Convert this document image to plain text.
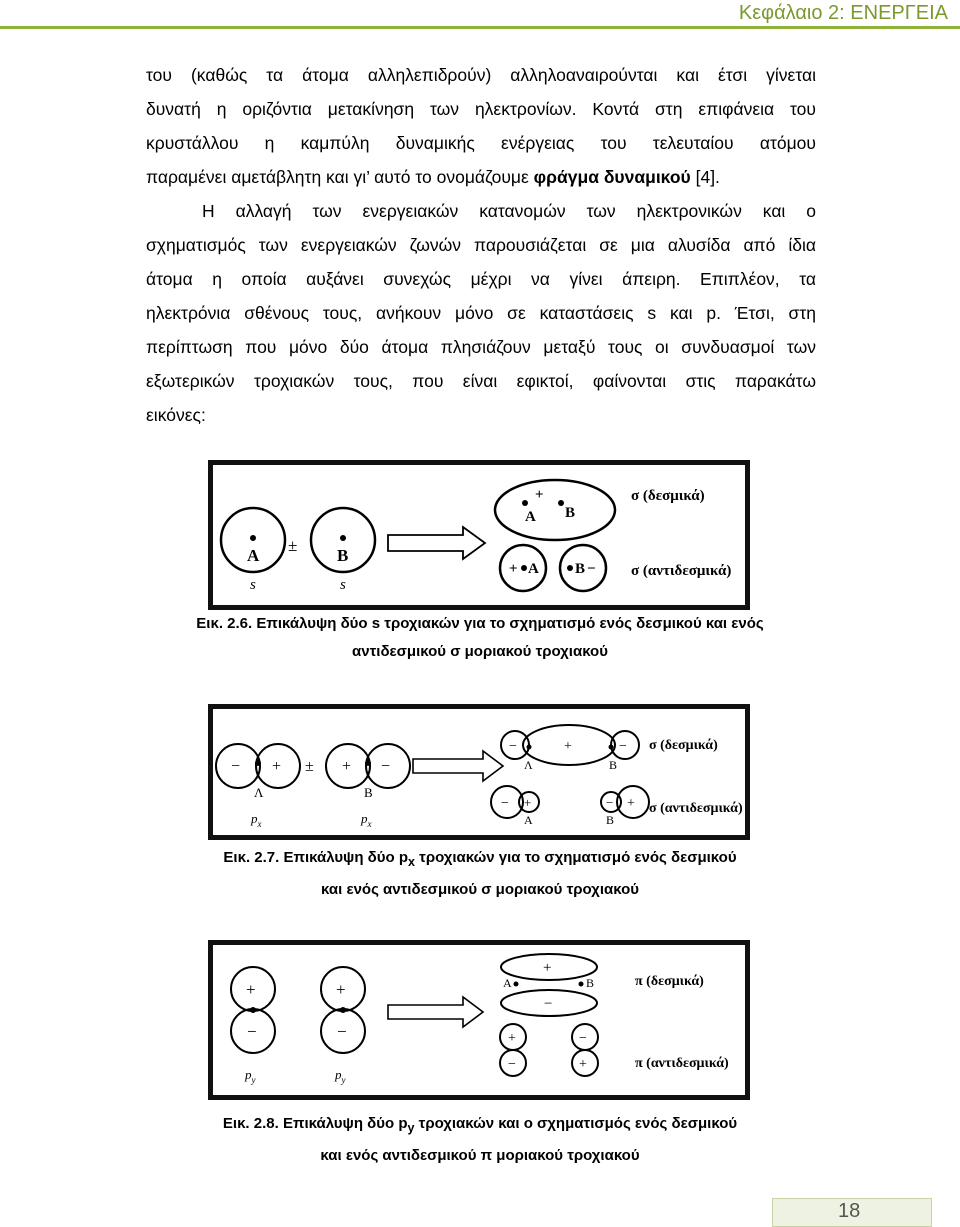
Κεφάλαιο 2: ΕΝΕΡΓΕΙΑ
του (καθώς τα άτομα αλληλεπιδρούν) αλληλοαναιρούνται και έτσι γίνεται
δυνατή η οριζόντια μετακίνηση των ηλεκτρονίων. Κοντά στη επιφάνεια του
κρυστάλλου η καμπύλη δυναμικής ενέργειας του τελευταίου ατόμου
παραμένει αμετάβλητη και γι’ αυτό το ονομάζουμε φράγμα δυναμικού [4].
Η αλλαγή των ενεργειακών κατανομών των ηλεκτρονικών και ο
σχηματισμός των ενεργειακών ζωνών παρουσιάζεται σε μια αλυσίδα από ίδια
άτομα η οποία αυξάνει συνεχώς μέχρι να γίνει άπειρη. Επιπλέον, τα
ηλεκτρόνια σθένους τους, ανήκουν μόνο σε καταστάσεις s και p. Έτσι, στη
περίπτωση που μόνο δύο άτομα πλησιάζουν μεταξύ τους οι συνδυασμοί των
εξωτερικών τροχιακών τους, που είναι εφικτοί, φαίνονται στις παρακάτω
εικόνες:
A
s
±
B
s
+
A B
+ A B −
σ (δεσμικά)
σ (αντιδεσμικά)
Εικ. 2.6. Επικάλυψη δύο s τροχιακών για το σχηματισμό ενός δεσμικού και ενός
αντιδεσμικού σ μοριακού τροχιακού
− +
Λ
$p_x$
± + −
B
$p_x$
−	+	−
Λ	B
− +
A
− +
B
σ (δεσμικά)
σ (αντιδεσμικά)
Εικ. 2.7. Επικάλυψη δύο $p_x$ τροχιακών για το σχηματισμό ενός δεσμικού
και ενός αντιδεσμικού σ μοριακού τροχιακού
+
−
+
−
$p_y$	$p_y$
+
−
A	B
+
−
−
+
π (δεσμικά)
π (αντιδεσμικά)
Εικ. 2.8. Επικάλυψη δύο $p_y$ τροχιακών και ο σχηματισμός ενός δεσμικού
και ενός αντιδεσμικού π μοριακού τροχιακού
18
